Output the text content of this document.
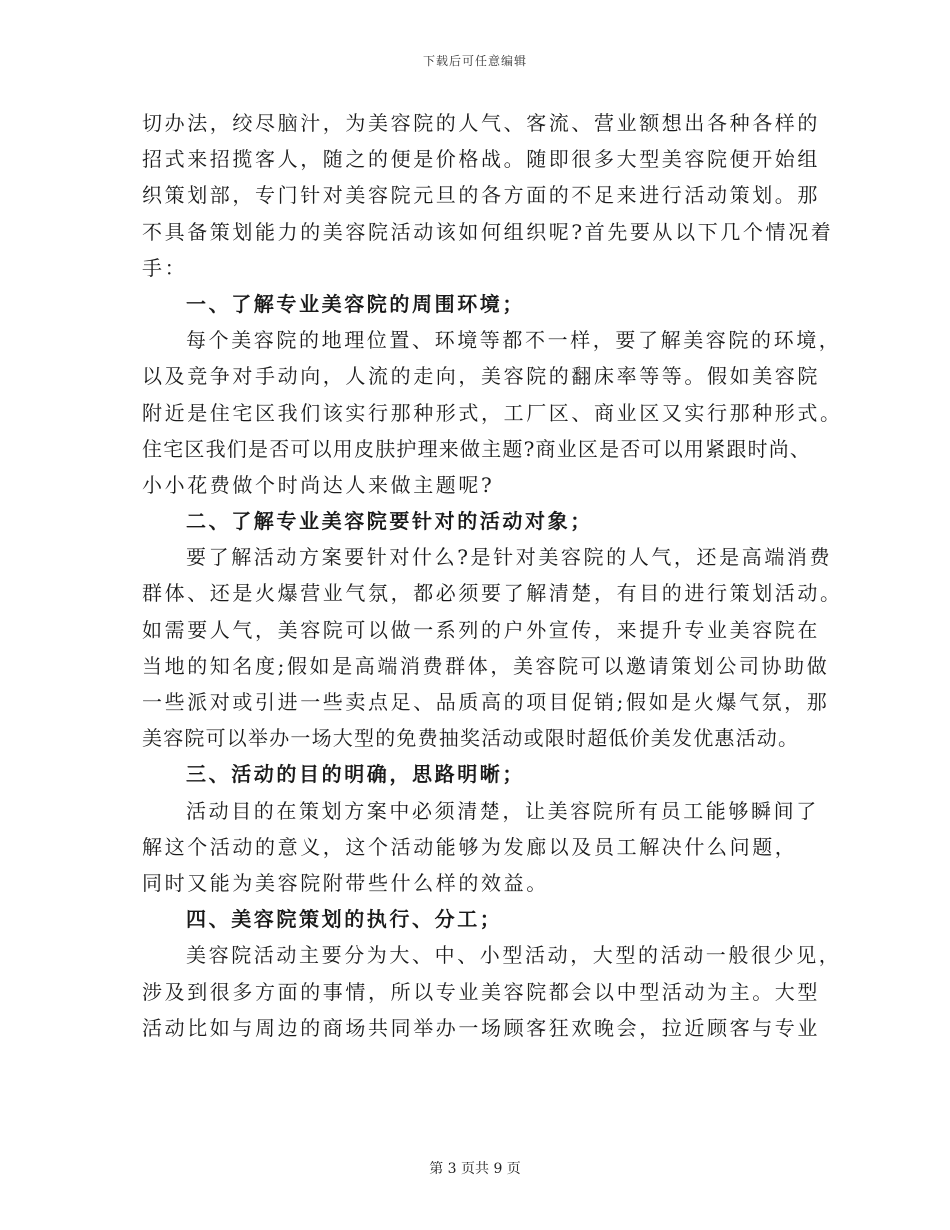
下载后可任意编辑
切办法，绞尽脑汁，为美容院的人气、客流、营业额想出各种各样的
招式来招揽客人，随之的便是价格战。随即很多大型美容院便开始组
织策划部，专门针对美容院元旦的各方面的不足来进行活动策划。那
不具备策划能力的美容院活动该如何组织呢?首先要从以下几个情况着
手：
一、了解专业美容院的周围环境；
每个美容院的地理位置、环境等都不一样，要了解美容院的环境，
以及竞争对手动向，人流的走向，美容院的翻床率等等。假如美容院
附近是住宅区我们该实行那种形式，工厂区、商业区又实行那种形式。
住宅区我们是否可以用皮肤护理来做主题?商业区是否可以用紧跟时尚、
小小花费做个时尚达人来做主题呢?
二、了解专业美容院要针对的活动对象；
要了解活动方案要针对什么?是针对美容院的人气，还是高端消费
群体、还是火爆营业气氛，都必须要了解清楚，有目的进行策划活动。
如需要人气，美容院可以做一系列的户外宣传，来提升专业美容院在
当地的知名度;假如是高端消费群体，美容院可以邀请策划公司协助做
一些派对或引进一些卖点足、品质高的项目促销;假如是火爆气氛，那
美容院可以举办一场大型的免费抽奖活动或限时超低价美发优惠活动。
三、活动的目的明确，思路明晰；
活动目的在策划方案中必须清楚，让美容院所有员工能够瞬间了
解这个活动的意义，这个活动能够为发廊以及员工解决什么问题，
同时又能为美容院附带些什么样的效益。
四、美容院策划的执行、分工；
美容院活动主要分为大、中、小型活动，大型的活动一般很少见，
涉及到很多方面的事情，所以专业美容院都会以中型活动为主。大型
活动比如与周边的商场共同举办一场顾客狂欢晚会，拉近顾客与专业
第 3 页共 9 页
